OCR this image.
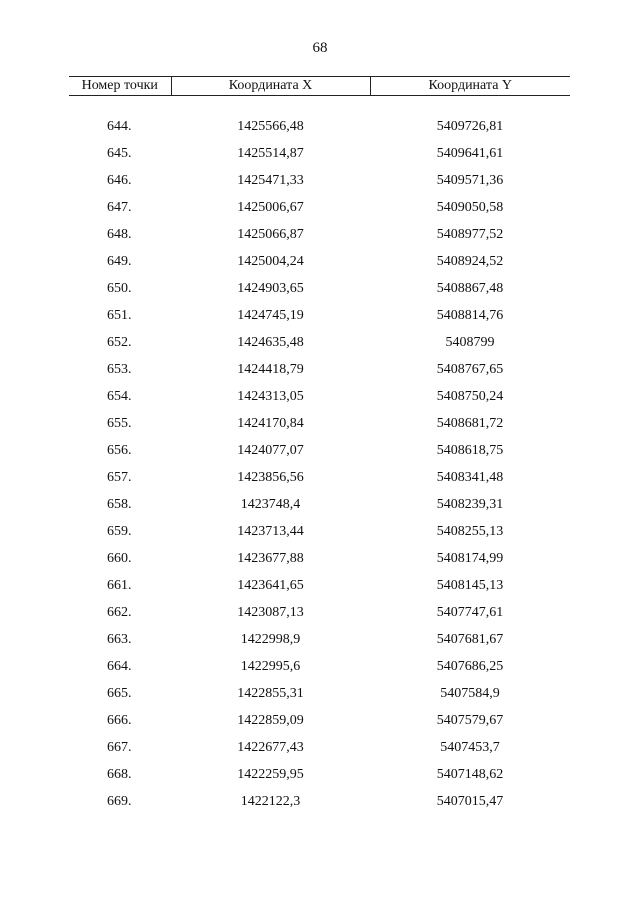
68
Номер точки	Координата X	Координата Y

644.	1425566,48	5409726,81
645.	1425514,87	5409641,61
646.	1425471,33	5409571,36
647.	1425006,67	5409050,58
648.	1425066,87	5408977,52
649.	1425004,24	5408924,52
650.	1424903,65	5408867,48
651.	1424745,19	5408814,76
652.	1424635,48	5408799
653.	1424418,79	5408767,65
654.	1424313,05	5408750,24
655.	1424170,84	5408681,72
656.	1424077,07	5408618,75
657.	1423856,56	5408341,48
658.	1423748,4	5408239,31
659.	1423713,44	5408255,13
660.	1423677,88	5408174,99
661.	1423641,65	5408145,13
662.	1423087,13	5407747,61
663.	1422998,9	5407681,67
664.	1422995,6	5407686,25
665.	1422855,31	5407584,9
666.	1422859,09	5407579,67
667.	1422677,43	5407453,7
668.	1422259,95	5407148,62
669.	1422122,3	5407015,47
